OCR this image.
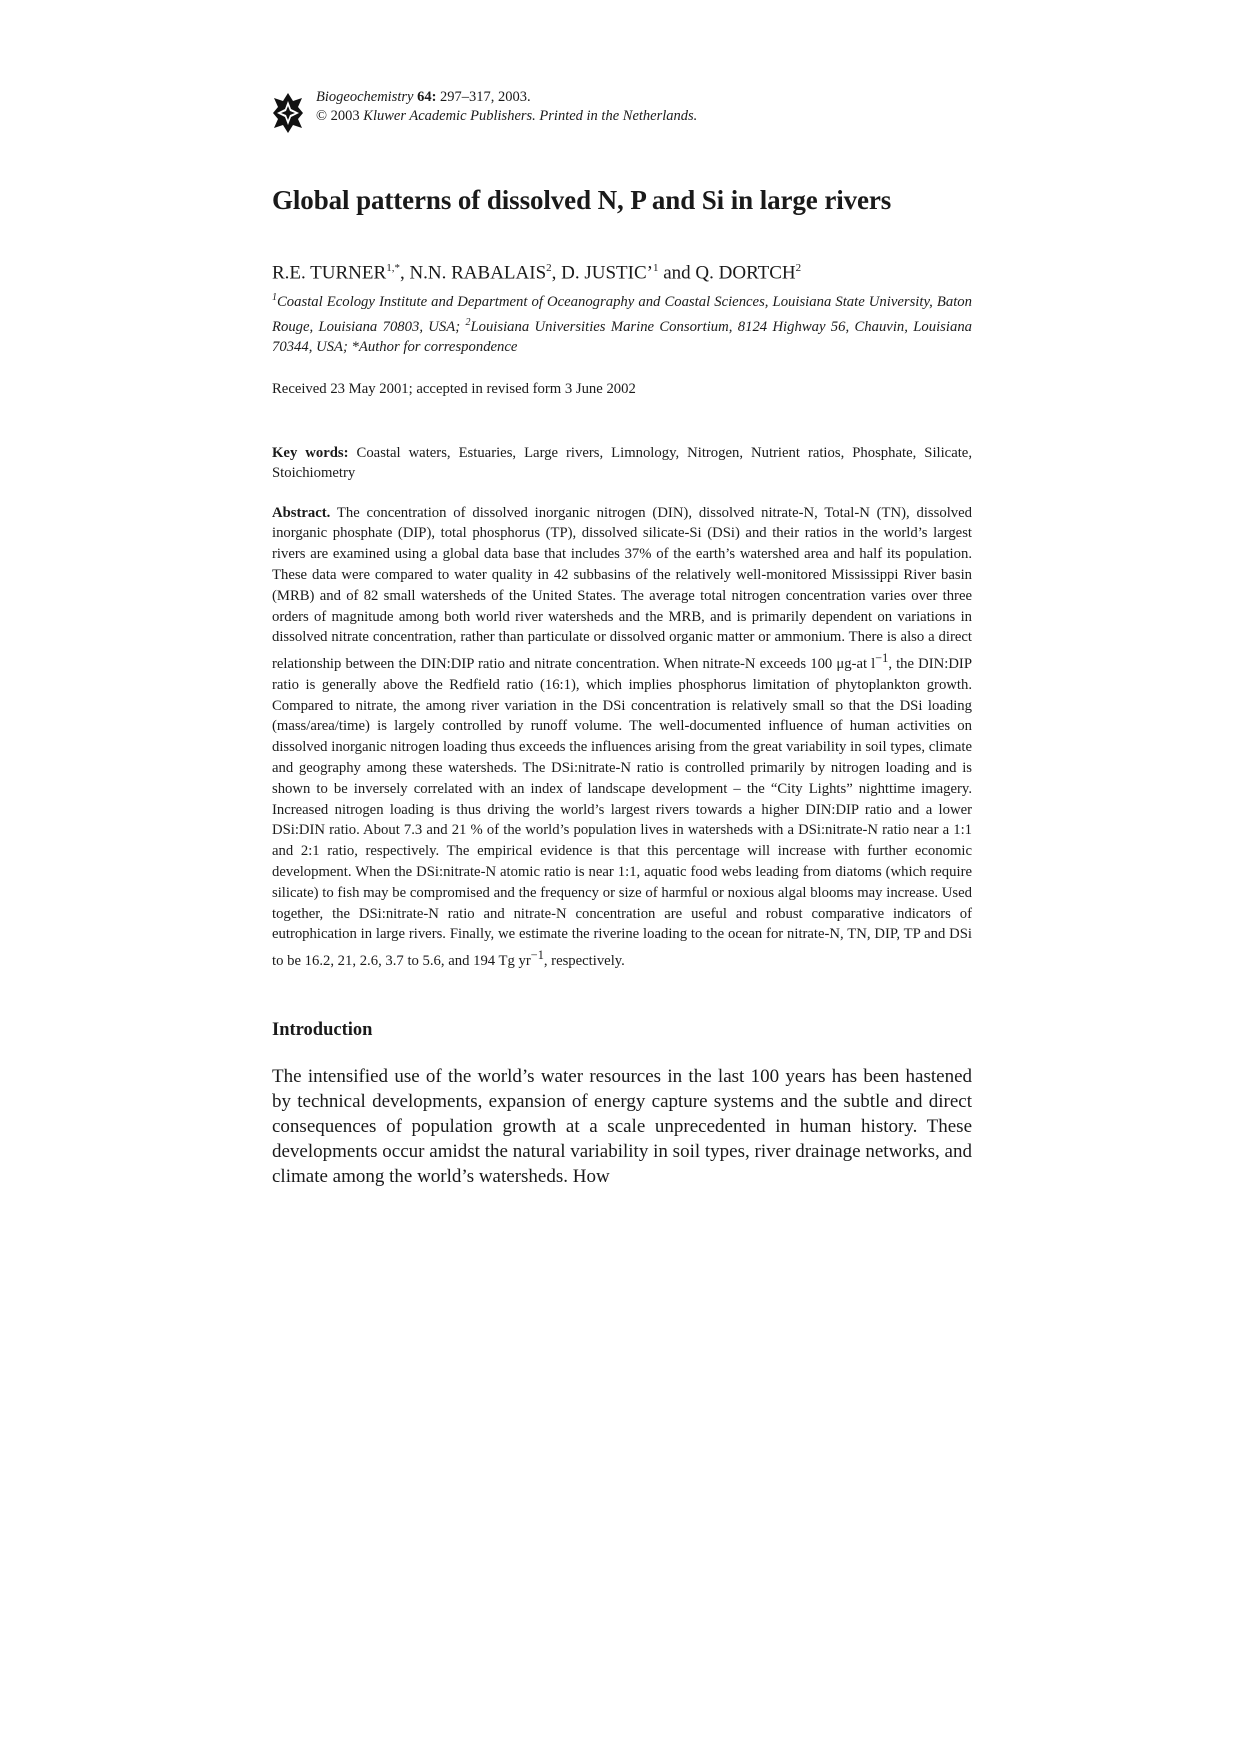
Biogeochemistry 64: 297–317, 2003.
© 2003 Kluwer Academic Publishers. Printed in the Netherlands.
Global patterns of dissolved N, P and Si in large rivers
R.E. $TURNER^{1,*}$, N.N. RABALAIS$^2$, D. JUSTIC’$^1$ and Q. DORTCH$^2$
$^1$Coastal Ecology Institute and Department of Oceanography and Coastal Sciences, Louisiana State University, Baton Rouge, Louisiana 70803, USA; $^2$Louisiana Universities Marine Consortium, 8124 Highway 56, Chauvin, Louisiana 70344, USA; *Author for correspondence
Received 23 May 2001; accepted in revised form 3 June 2002
Key words: Coastal waters, Estuaries, Large rivers, Limnology, Nitrogen, Nutrient ratios, Phosphate, Silicate, Stoichiometry
Abstract. The concentration of dissolved inorganic nitrogen (DIN), dissolved nitrate-N, Total-N (TN), dissolved inorganic phosphate (DIP), total phosphorus (TP), dissolved silicate-Si (DSi) and their ratios in the world’s largest rivers are examined using a global data base that includes 37% of the earth’s watershed area and half its population. These data were compared to water quality in 42 subbasins of the relatively well-monitored Mississippi River basin (MRB) and of 82 small watersheds of the United States. The average total nitrogen concentration varies over three orders of magnitude among both world river watersheds and the MRB, and is primarily dependent on variations in dissolved nitrate concentration, rather than particulate or dissolved organic matter or ammonium. There is also a direct relationship between the DIN:DIP ratio and nitrate concentration. When nitrate-N exceeds 100 μg-at $l^{-1}$, the DIN:DIP ratio is generally above the Redfield ratio (16:1), which implies phosphorus limitation of phytoplankton growth. Compared to nitrate, the among river variation in the DSi concentration is relatively small so that the DSi loading (mass/area/time) is largely controlled by runoff volume. The well-documented influence of human activities on dissolved inorganic nitrogen loading thus exceeds the influences arising from the great variability in soil types, climate and geography among these watersheds. The DSi:nitrate-N ratio is controlled primarily by nitrogen loading and is shown to be inversely correlated with an index of landscape development – the “City Lights” nighttime imagery. Increased nitrogen loading is thus driving the world’s largest rivers towards a higher DIN:DIP ratio and a lower DSi:DIN ratio. About 7.3 and 21 % of the world’s population lives in watersheds with a DSi:nitrate-N ratio near a 1:1 and 2:1 ratio, respectively. The empirical evidence is that this percentage will increase with further economic development. When the DSi:nitrate-N atomic ratio is near 1:1, aquatic food webs leading from diatoms (which require silicate) to fish may be compromised and the frequency or size of harmful or noxious algal blooms may increase. Used together, the DSi:nitrate-N ratio and nitrate-N concentration are useful and robust comparative indicators of eutrophication in large rivers. Finally, we estimate the riverine loading to the ocean for nitrate-N, TN, DIP, TP and DSi to be 16.2, 21, 2.6, 3.7 to 5.6, and 194 Tg $yr^{-1}$, respectively.
Introduction
The intensified use of the world’s water resources in the last 100 years has been hastened by technical developments, expansion of energy capture systems and the subtle and direct consequences of population growth at a scale unprecedented in human history. These developments occur amidst the natural variability in soil types, river drainage networks, and climate among the world’s watersheds. How
